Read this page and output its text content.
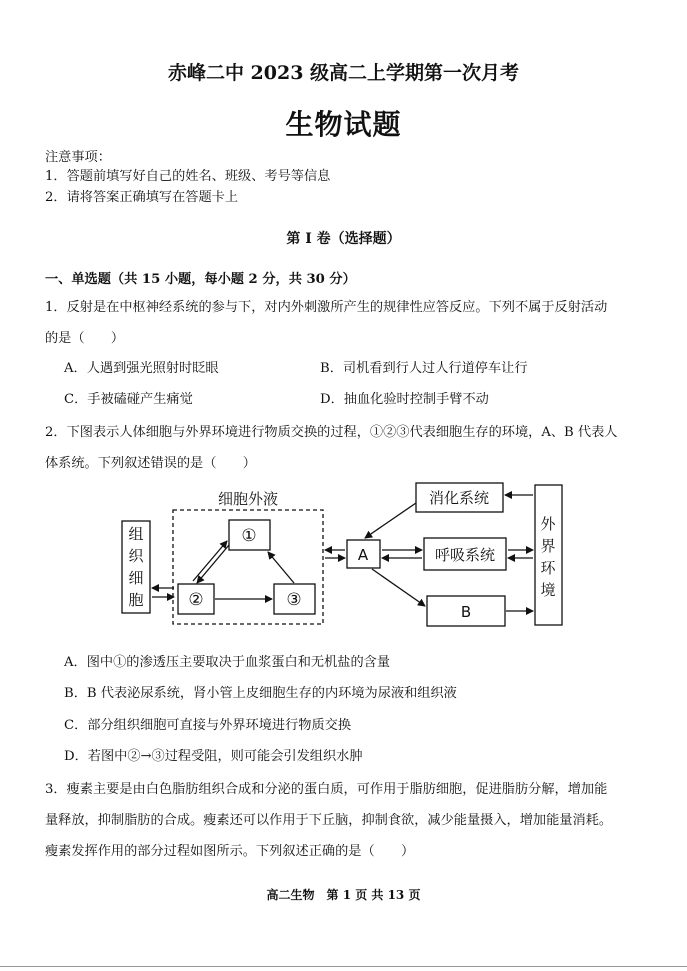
赤峰二中 2023 级高二上学期第一次月考
生物试题
注意事项：
1．答题前填写好自己的姓名、班级、考号等信息
2．请将答案正确填写在答题卡上
第 I 卷（选择题）
一、单选题（共 15 小题，每小题 2 分，共 30 分）
1．反射是在中枢神经系统的参与下，对内外刺激所产生的规律性应答反应。下列不属于反射活动
的是（　　）
A．人遇到强光照射时眨眼	B．司机看到行人过人行道停车让行
C．手被磕碰产生痛觉	D．抽血化验时控制手臂不动
2．下图表示人体细胞与外界环境进行物质交换的过程，①②③代表细胞生存的环境，A、B 代表人
体系统。下列叙述错误的是（　　）
细胞外液
组
织
细
胞
①
②	③
A
消化系统
呼吸系统
B
外
界
环
境
A．图中①的渗透压主要取决于血浆蛋白和无机盐的含量
B．B 代表泌尿系统，肾小管上皮细胞生存的内环境为尿液和组织液
C．部分组织细胞可直接与外界环境进行物质交换
D．若图中②→③过程受阻，则可能会引发组织水肿
3．瘦素主要是由白色脂肪组织合成和分泌的蛋白质，可作用于脂肪细胞，促进脂肪分解，增加能
量释放，抑制脂肪的合成。瘦素还可以作用于下丘脑，抑制食欲，减少能量摄入，增加能量消耗。
瘦素发挥作用的部分过程如图所示。下列叙述正确的是（　　）
高二生物　第 1 页 共 13 页
